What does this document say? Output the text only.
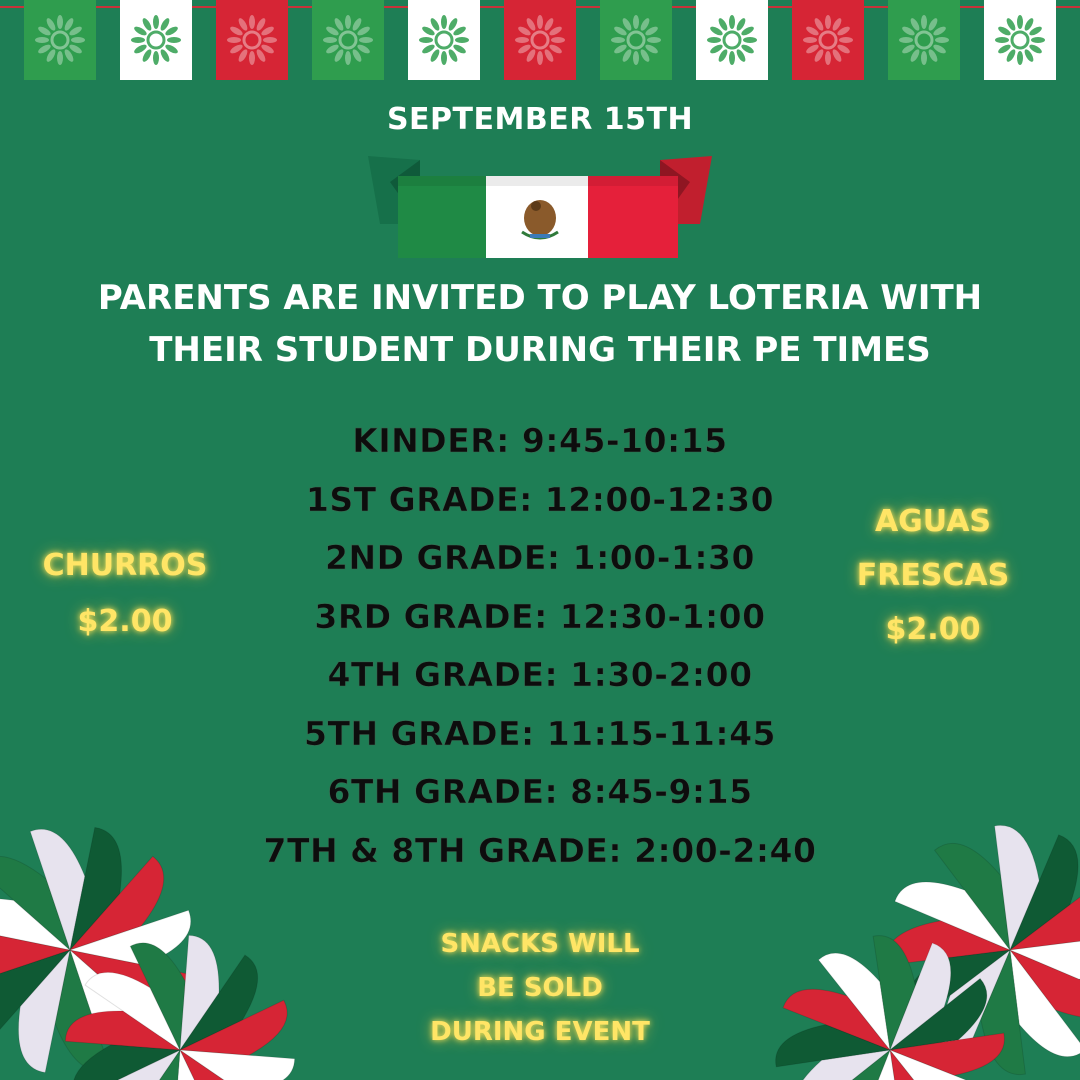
SEPTEMBER 15TH
PARENTS ARE INVITED TO PLAY LOTERIA WITH
THEIR STUDENT DURING THEIR PE TIMES
KINDER: 9:45-10:15
1ST GRADE: 12:00-12:30
2ND GRADE: 1:00-1:30
3RD GRADE: 12:30-1:00
4TH GRADE: 1:30-2:00
5TH GRADE: 11:15-11:45
6TH GRADE: 8:45-9:15
7TH & 8TH GRADE: 2:00-2:40
CHURROS
$2.00
AGUAS
FRESCAS
$2.00
SNACKS WILL
BE SOLD
DURING EVENT
